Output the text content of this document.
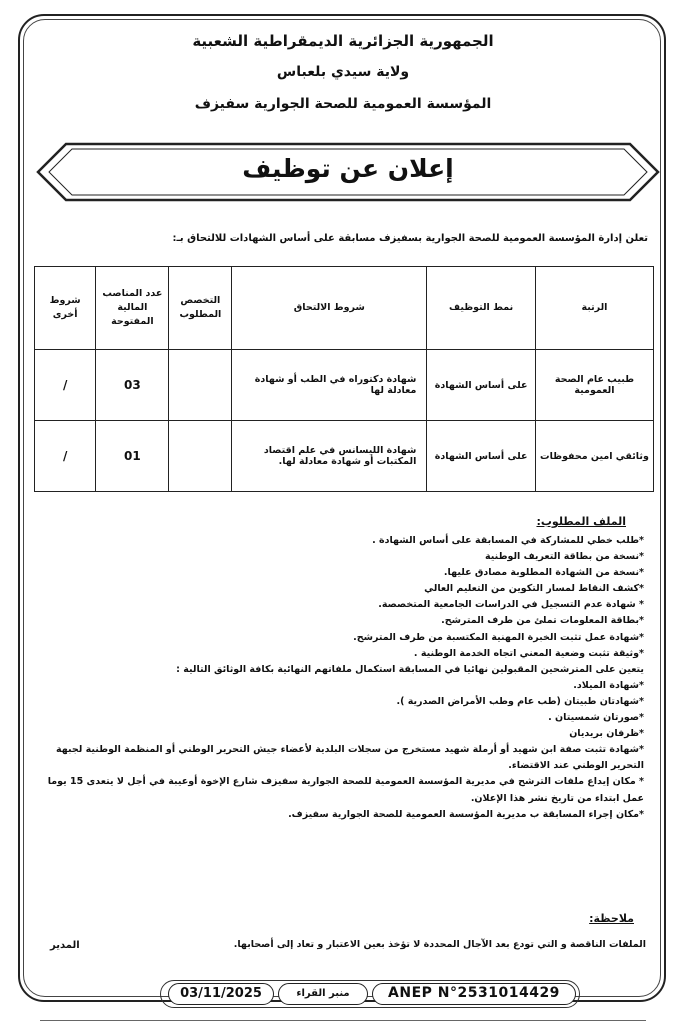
الجمهورية الجزائرية الديمقراطية الشعبية
ولاية سيدي بلعباس
المؤسسة العمومية للصحة الجوارية سفيزف
إعلان عن توظيف
تعلن إدارة المؤسسة العمومية للصحة الجوارية بسفيزف مسابقة على أساس الشهادات للالتحاق بـ:
الرتبة	نمط التوظيف	شروط الالتحاق	التخصص المطلوب	عدد المناصب المالية المفتوحة	شروط أخرى
طبيب عام الصحة العمومية	على أساس الشهادة	شهادة دكتوراه في الطب أو شهادة معادلة لها		03	/
وثائقي امين محفوظات	على أساس الشهادة	شهادة الليسانس في علم اقتصاد المكتبات أو شهادة معادلة لها.		01	/
الملف المطلوب:
*طلب خطي للمشاركة في المسابقة على أساس الشهادة .
*نسخة من بطاقة التعريف الوطنية
*نسخة من الشهادة المطلوبة مصادق عليها.
*كشف النقاط لمسار التكوين من التعليم العالي
* شهادة عدم التسجيل في الدراسات الجامعية المتخصصة.
*بطاقة المعلومات تملئ من طرف المترشح.
*شهادة عمل تثبت الخبرة المهنية المكتسبة من طرف المترشح.
*وثيقة تثبت وضعية المعني اتجاه الخدمة الوطنية .
يتعين على المترشحين المقبولين نهائيا في المسابقة استكمال ملفاتهم النهائية بكافة الوثائق التالية :
*شهادة الميلاد.
*شهادتان طبيتان (طب عام وطب الأمراض الصدرية ).
*صورتان شمسيتان .
*ظرفان بريديان
*شهادة تثبت صفة ابن شهيد أو أرملة شهيد مستخرج من سجلات البلدية لأعضاء جيش التحرير الوطني أو المنظمة الوطنية لجبهة التحرير الوطني عند الاقتضاء.
* مكان إيداع ملفات الترشح في مديرية المؤسسة العمومية للصحة الجوارية سفيزف شارع الإخوة أوعيبة في أجل لا يتعدى 15 يوما عمل ابتداء من تاريخ نشر هذا الإعلان.
*مكان إجراء المسابقة ب مديرية المؤسسة العمومية للصحة الجوارية سفيزف.
ملاحظة:
الملفات الناقصة و التي تودع بعد الآجال المحددة لا تؤخذ بعين الاعتبار و تعاد إلى أصحابها.
المدير
03/11/2025	منبر القراء	ANEP N°2531014429
